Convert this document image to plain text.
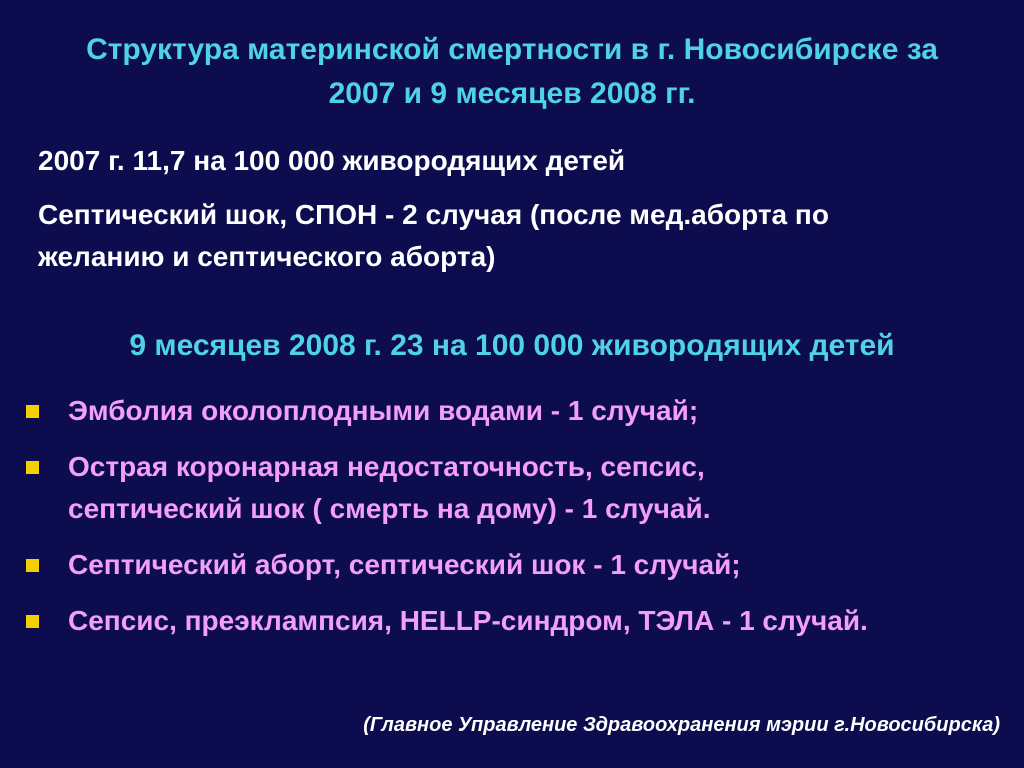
Структура материнской смертности в г. Новосибирске за
2007 и 9 месяцев 2008 гг.
2007 г. 11,7 на 100 000 живородящих детей
Септический шок, СПОН - 2 случая (после мед.аборта по
желанию и септического аборта)
9 месяцев 2008 г. 23 на 100 000 живородящих детей
Эмболия околоплодными водами - 1 случай;
Острая коронарная недостаточность, сепсис,
септический шок ( смерть на дому) - 1 случай.
Септический аборт, септический шок - 1 случай;
Сепсис, преэклампсия, HELLP-синдром, ТЭЛА - 1 случай.
(Главное Управление Здравоохранения мэрии г.Новосибирска)
